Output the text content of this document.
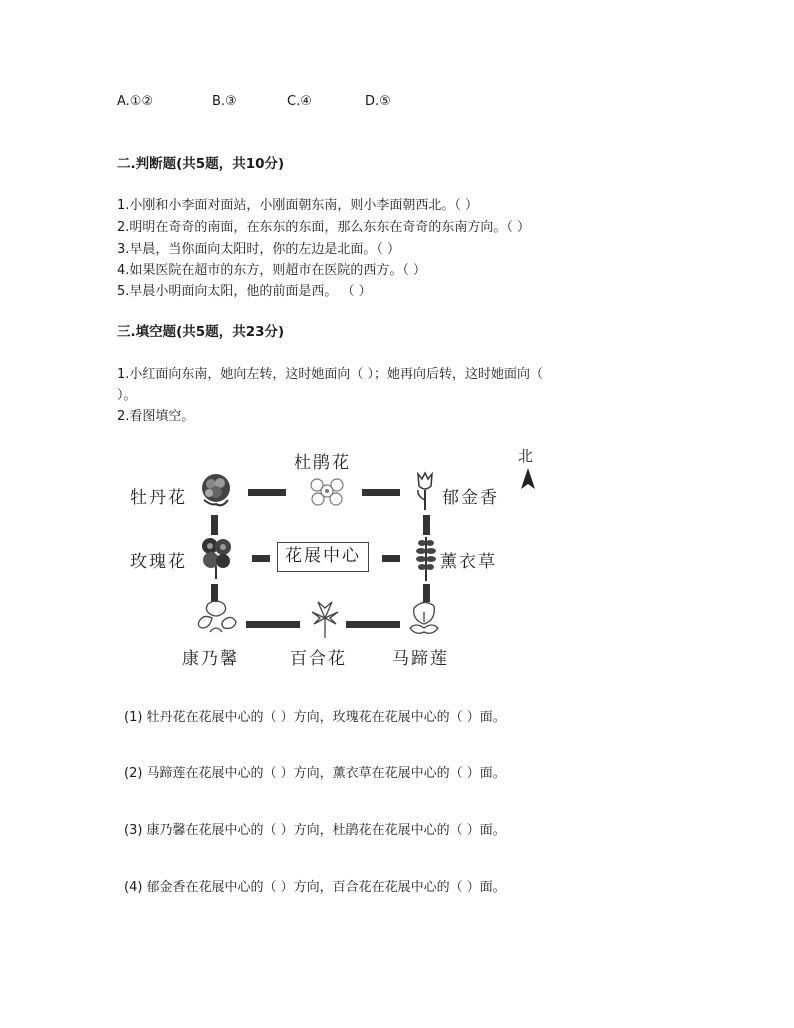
A.①②	B.③	C.④	D.⑤
二.判断题(共5题，共10分)
1.小刚和小李面对面站，小刚面朝东南，则小李面朝西北。（ ）
2.明明在奇奇的南面，在东东的东面，那么东东在奇奇的东南方向。（ ）
3.早晨，当你面向太阳时，你的左边是北面。（ ）
4.如果医院在超市的东方，则超市在医院的西方。（ ）
5.早晨小明面向太阳，他的前面是西。 （ ）
三.填空题(共5题，共23分)
1.小红面向东南，她向左转，这时她面向（ ）；她再向后转，这时她面向（
）。
2.看图填空。
北
牡丹花
杜鹃花
郁金香
玫瑰花	花展中心	薰衣草
康乃馨	百合花	马蹄莲
(1) 牡丹花在花展中心的（ ）方向，玫瑰花在花展中心的（ ）面。
(2) 马蹄莲在花展中心的（ ）方向，薰衣草在花展中心的（ ）面。
(3) 康乃馨在花展中心的（ ）方向，杜鹃花在花展中心的（ ）面。
(4) 郁金香在花展中心的（ ）方向，百合花在花展中心的（ ）面。
